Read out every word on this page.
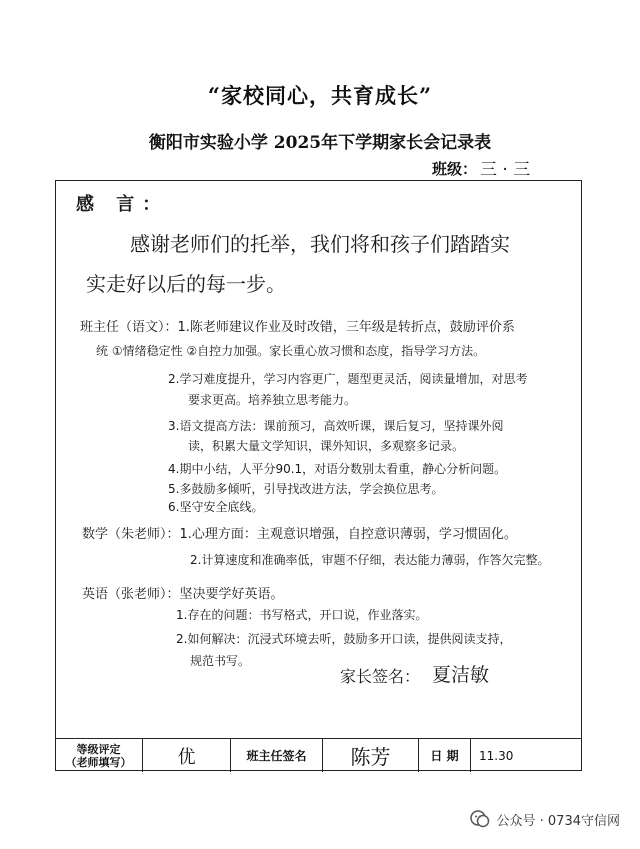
“家校同心，共育成长”
衡阳市实验小学 2025年下学期家长会记录表
班级： 三 · 三
感 言：
感谢老师们的托举，我们将和孩子们踏踏实
实走好以后的每一步。
班主任（语文）：1.陈老师建议作业及时改错，三年级是转折点，鼓励评价系
统 ①情绪稳定性 ②自控力加强。家长重心放习惯和态度，指导学习方法。
2.学习难度提升，学习内容更广，题型更灵活，阅读量增加，对思考
要求更高。培养独立思考能力。
3.语文提高方法：课前预习，高效听课，课后复习，坚持课外阅
读，积累大量文学知识，课外知识，多观察多记录。
4.期中小结，人平分90.1，对语分数别太看重，静心分析问题。
5.多鼓励多倾听，引导找改进方法，学会换位思考。
6.坚守安全底线。
数学（朱老师）：1.心理方面：主观意识增强，自控意识薄弱，学习惯固化。
2.计算速度和准确率低，审题不仔细，表达能力薄弱，作答欠完整。
英语（张老师）：坚决要学好英语。
1.存在的问题：书写格式，开口说，作业落实。
2.如何解决：沉浸式环境去听，鼓励多开口读，提供阅读支持，
规范书写。
家长签名： 夏洁敏
等级评定
（老师填写）	优	班主任签名	陈芳	日 期	11.30
公众号 · 0734守信网
